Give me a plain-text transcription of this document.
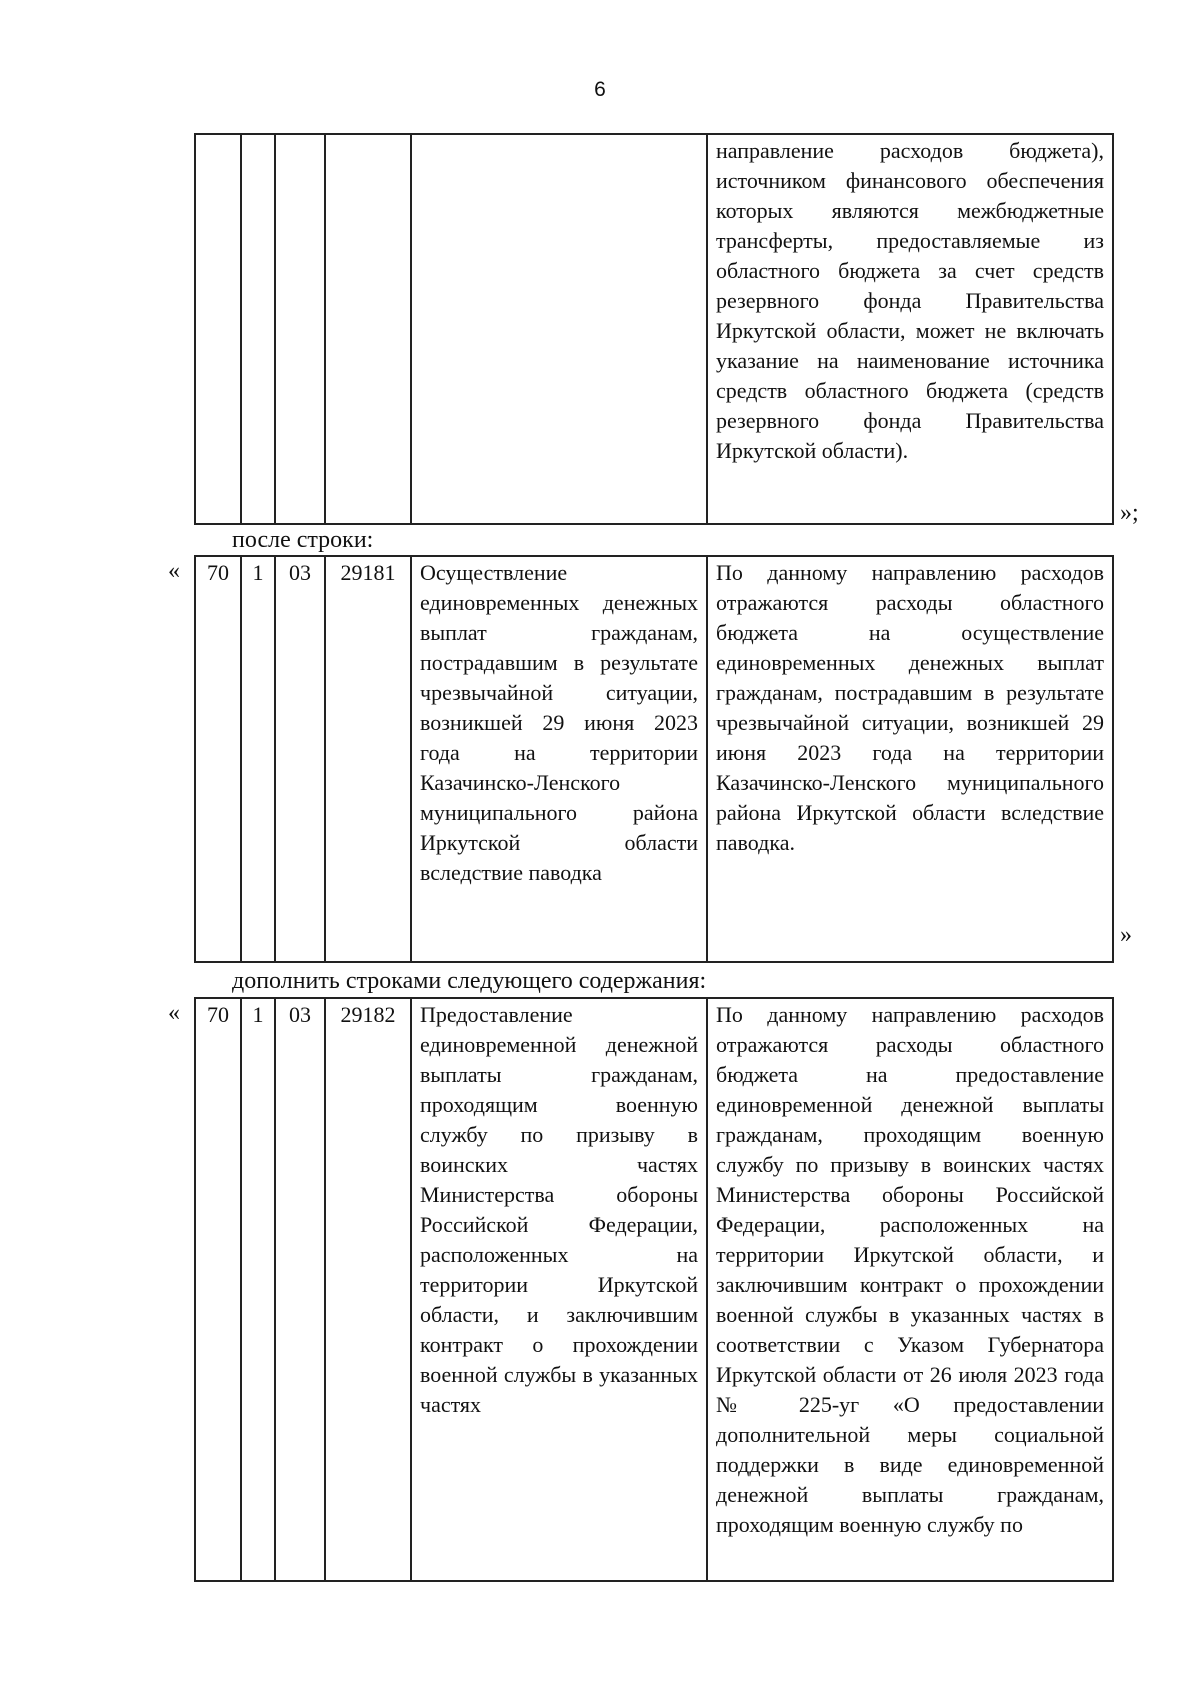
6
					направление расходов бюджета), источником финансового обеспечения которых являются межбюджетные трансферты, предоставляемые из областного бюджета за счет средств резервного фонда Правительства Иркутской области, может не включать указание на наименование источника средств областного бюджета (средств резервного фонда Правительства Иркутской области).
»;
после строки:
« 70	1	03	29181	Осуществление единовременных денежных выплат гражданам, пострадавшим в результате чрезвычайной ситуации, возникшей 29 июня 2023 года на территории Казачинско-Ленского муниципального района Иркутской области вследствие паводка	По данному направлению расходов отражаются расходы областного бюджета на осуществление единовременных денежных выплат гражданам, пострадавшим в результате чрезвычайной ситуации, возникшей 29 июня 2023 года на территории Казачинско-Ленского муниципального района Иркутской области вследствие паводка.
»
дополнить строками следующего содержания:
« 70	1	03	29182	Предоставление единовременной денежной выплаты гражданам, проходящим военную службу по призыву в воинских частях Министерства обороны Российской Федерации, расположенных на территории Иркутской области, и заключившим контракт о прохождении военной службы в указанных частях	По данному направлению расходов отражаются расходы областного бюджета на предоставление единовременной денежной выплаты гражданам, проходящим военную службу по призыву в воинских частях Министерства обороны Российской Федерации, расположенных на территории Иркутской области, и заключившим контракт о прохождении военной службы в указанных частях в соответствии с Указом Губернатора Иркутской области от 26 июля 2023 года № 225-уг «О предоставлении дополнительной меры социальной поддержки в виде единовременной денежной выплаты гражданам, проходящим военную службу по
